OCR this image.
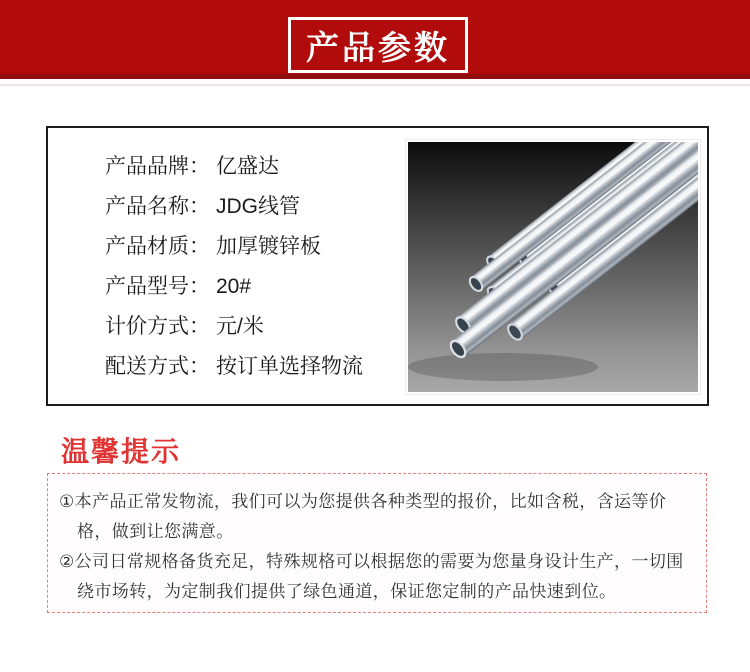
产品参数
产品品牌： 亿盛达
产品名称： JDG线管
产品材质： 加厚镀锌板
产品型号： 20#
计价方式： 元/米
配送方式： 按订单选择物流
温馨提示

①本产品正常发物流，我们可以为您提供各种类型的报价，比如含税，含运等价格，做到让您满意。

②公司日常规格备货充足，特殊规格可以根据您的需要为您量身设计生产，一切围绕市场转，为定制我们提供了绿色通道，保证您定制的产品快速到位。
